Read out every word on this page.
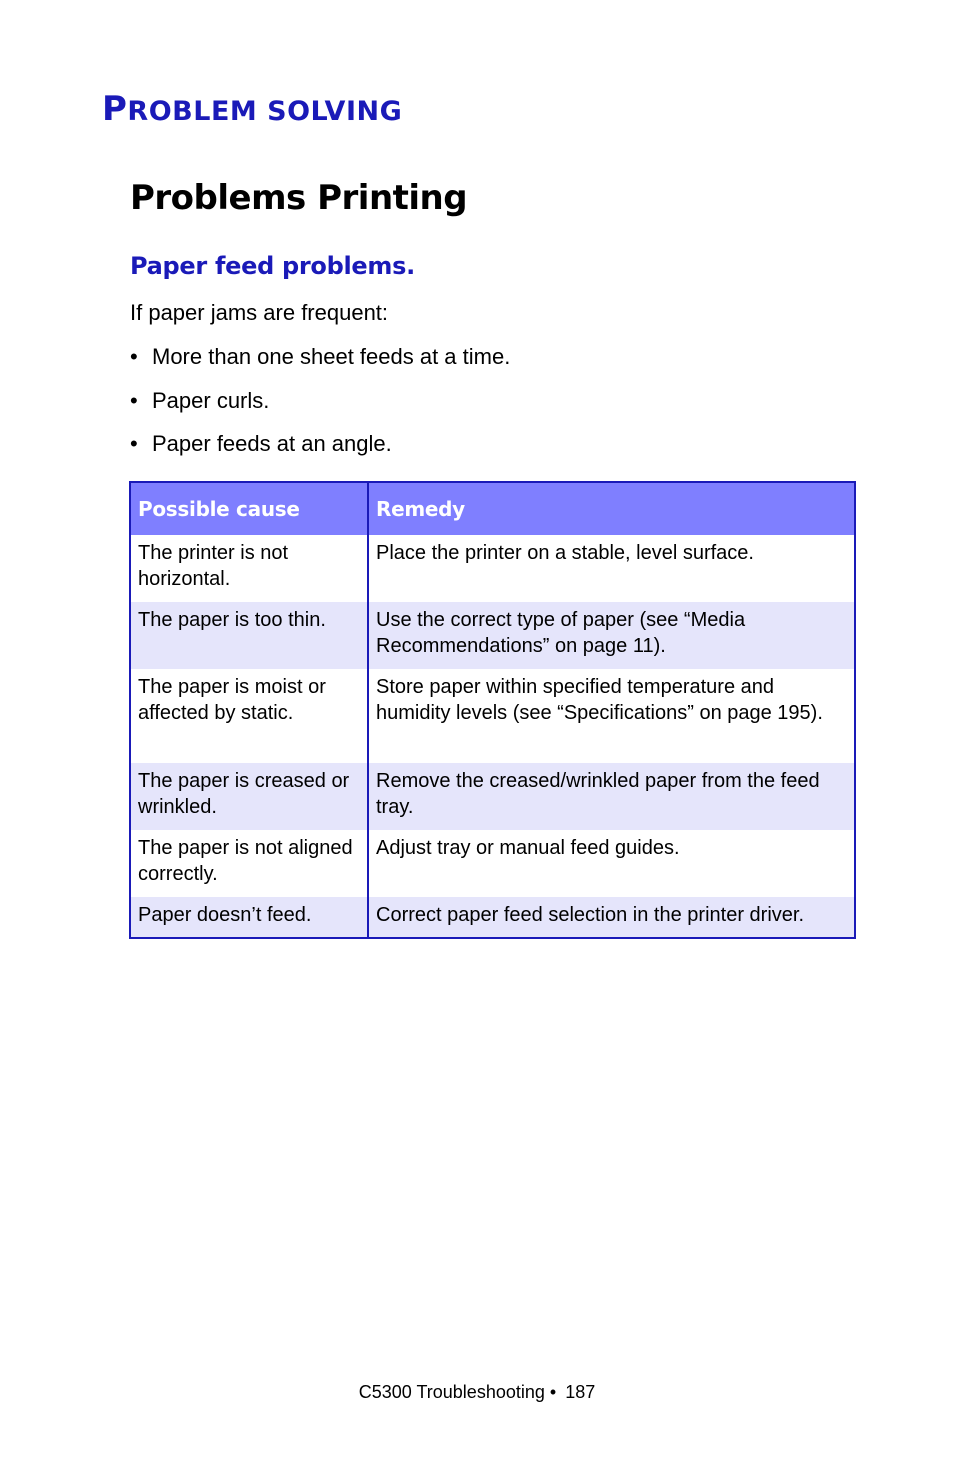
PROBLEM SOLVING
Problems Printing
Paper feed problems.

If paper jams are frequent:

• More than one sheet feeds at a time.
• Paper curls.
• Paper feeds at an angle.
Possible cause	Remedy
The printer is not horizontal.	Place the printer on a stable, level surface.
The paper is too thin.	Use the correct type of paper (see “Media Recommendations” on page 11).
The paper is moist or affected by static.	Store paper within specified temperature and humidity levels (see “Specifications” on page 195).
The paper is creased or wrinkled.	Remove the creased/wrinkled paper from the feed tray.
The paper is not aligned correctly.	Adjust tray or manual feed guides.
Paper doesn’t feed.	Correct paper feed selection in the printer driver.

C5300 Troubleshooting • 187
